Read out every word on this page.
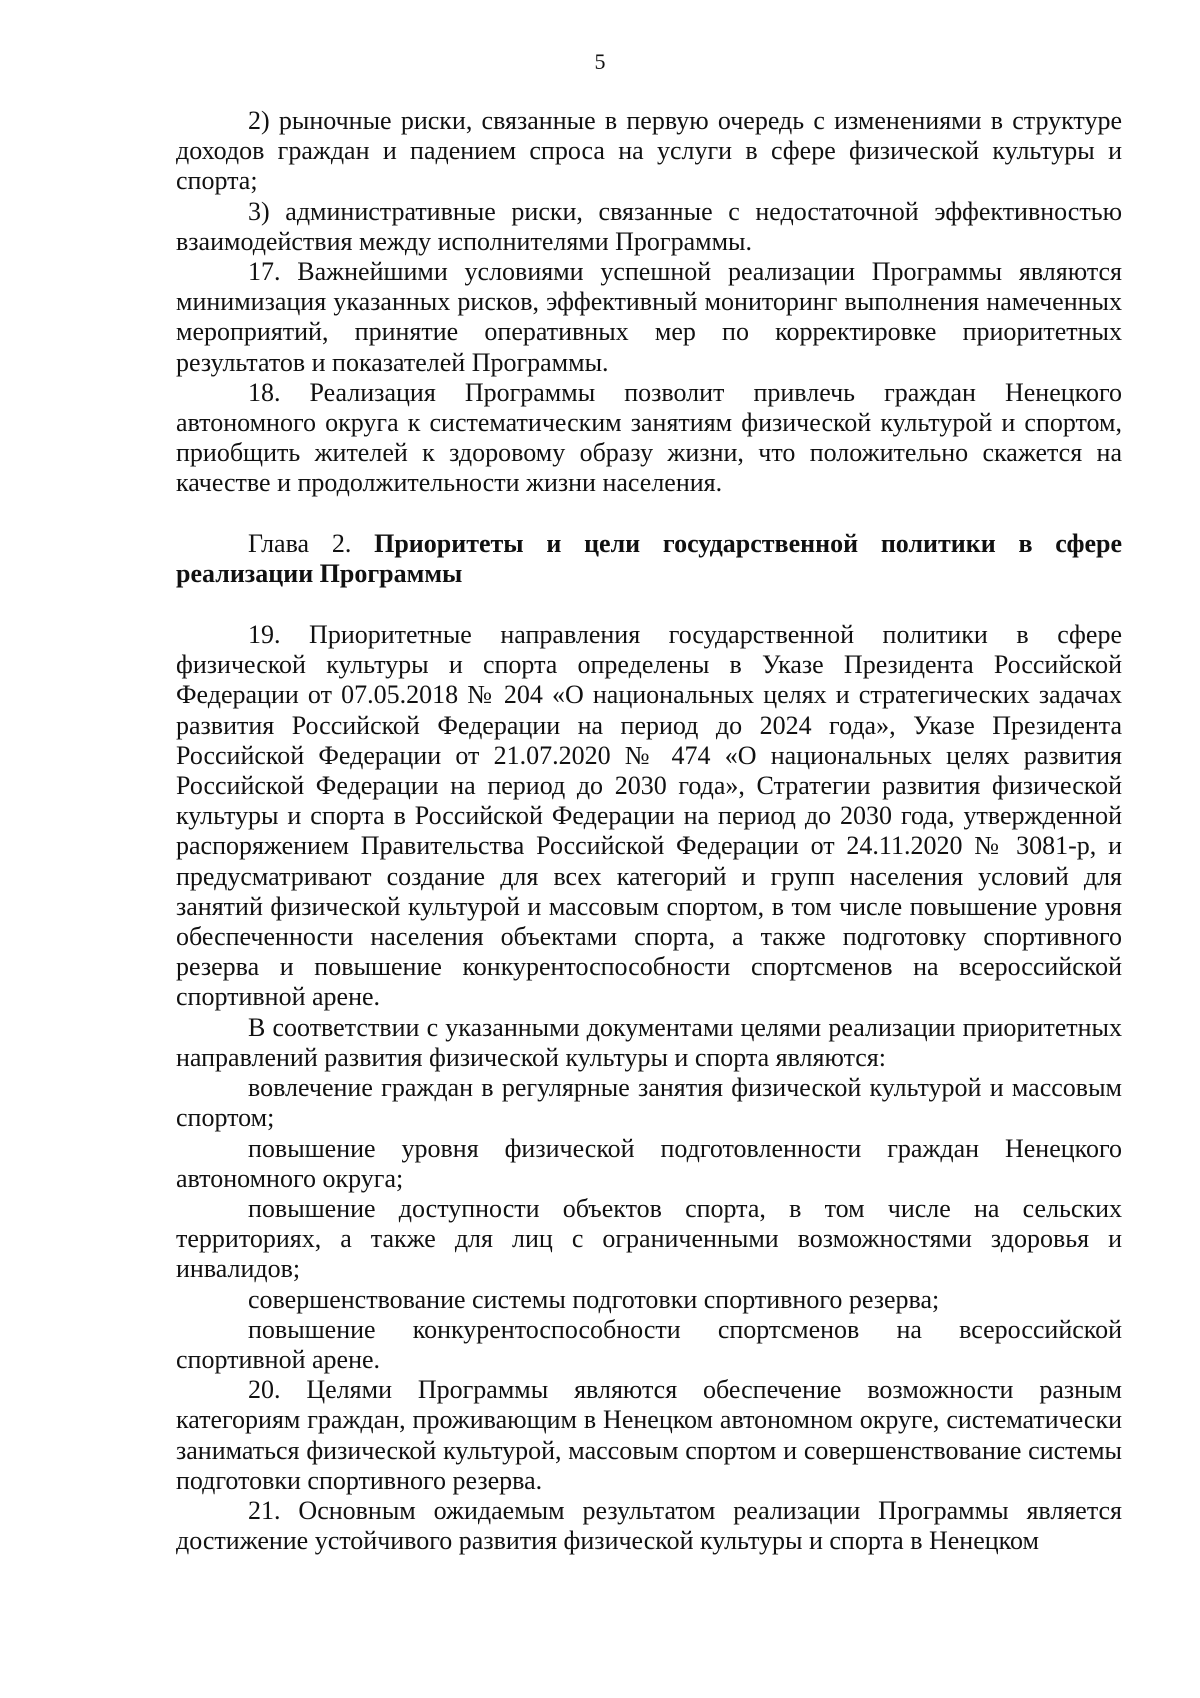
5

2) рыночные риски, связанные в первую очередь с изменениями в структуре доходов граждан и падением спроса на услуги в сфере физической культуры и спорта;

3) административные риски, связанные с недостаточной эффективностью взаимодействия между исполнителями Программы.

17. Важнейшими условиями успешной реализации Программы являются минимизация указанных рисков, эффективный мониторинг выполнения намеченных мероприятий, принятие оперативных мер по корректировке приоритетных результатов и показателей Программы.

18. Реализация Программы позволит привлечь граждан Ненецкого автономного округа к систематическим занятиям физической культурой и спортом, приобщить жителей к здоровому образу жизни, что положительно скажется на качестве и продолжительности жизни населения.

Глава 2. Приоритеты и цели государственной политики в сфере реализации Программы

19. Приоритетные направления государственной политики в сфере физической культуры и спорта определены в Указе Президента Российской Федерации от 07.05.2018 № 204 «О национальных целях и стратегических задачах развития Российской Федерации на период до 2024 года», Указе Президента Российской Федерации от 21.07.2020 № 474 «О национальных целях развития Российской Федерации на период до 2030 года», Стратегии развития физической культуры и спорта в Российской Федерации на период до 2030 года, утвержденной распоряжением Правительства Российской Федерации от 24.11.2020 № 3081-р, и предусматривают создание для всех категорий и групп населения условий для занятий физической культурой и массовым спортом, в том числе повышение уровня обеспеченности населения объектами спорта, а также подготовку спортивного резерва и повышение конкурентоспособности спортсменов на всероссийской спортивной арене.

В соответствии с указанными документами целями реализации приоритетных направлений развития физической культуры и спорта являются:

вовлечение граждан в регулярные занятия физической культурой и массовым спортом;

повышение уровня физической подготовленности граждан Ненецкого автономного округа;

повышение доступности объектов спорта, в том числе на сельских территориях, а также для лиц с ограниченными возможностями здоровья и инвалидов;

совершенствование системы подготовки спортивного резерва;

повышение конкурентоспособности спортсменов на всероссийской спортивной арене.

20. Целями Программы являются обеспечение возможности разным категориям граждан, проживающим в Ненецком автономном округе, систематически заниматься физической культурой, массовым спортом и совершенствование системы подготовки спортивного резерва.

21. Основным ожидаемым результатом реализации Программы является достижение устойчивого развития физической культуры и спорта в Ненецком
